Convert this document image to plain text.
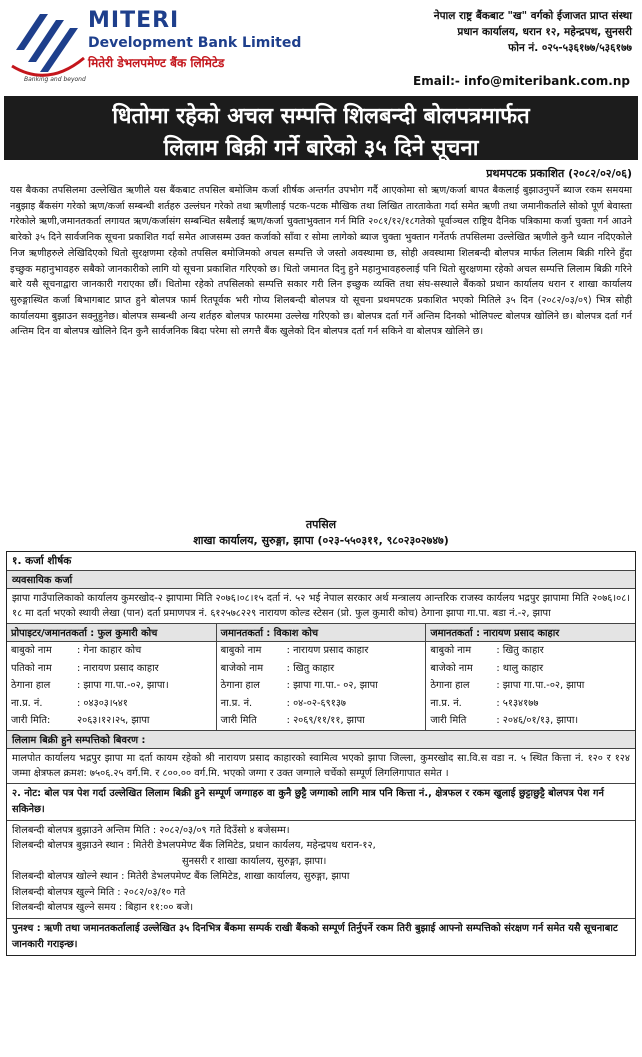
Banking and beyond
MITERI
Development Bank Limited
मितेरी डेभलपमेण्ट बैंक लिमिटेड
नेपाल राष्ट्र बैंकबाट "ख" वर्गको ईजाजत प्राप्त संस्था
प्रधान कार्यालय, धरान १२, महेन्द्रपथ, सुनसरी
फोन नं. ०२५-५३६१७७/५३६१७७
Email:- info@miteribank.com.np
धितोमा रहेको अचल सम्पत्ति शिलबन्दी बोलपत्रमार्फत
लिलाम बिक्री गर्ने बारेको ३५ दिने सूचना
प्रथमपटक प्रकाशित (२०८२/०२/०६)
यस बैकका तपसिलमा उल्लेखित ऋणीले यस बैंकबाट तपसिल बमोजिम कर्जा शीर्षक अन्तर्गत उपभोग गर्दै आएकोमा सो ऋण/कर्जा बापत बैकलाई बुझाउनुपर्ने ब्याज रकम समयमा नबुझाइ बैंकसंग गरेको ऋण/कर्जा सम्बन्धी शर्तहरु उल्लंघन गरेको तथा ऋणीलाई पटक-पटक मौखिक तथा लिखित तारताकेता गर्दा समेत ऋणी तथा जमानीकर्ताले सोको पूर्ण बेवास्ता गरेकोले ऋणी,जमानतकर्ता लगायत ऋण/कर्जासंग सम्बन्धित सबैलाई ऋण/कर्जा चुक्ताभुक्तान गर्न मिति २०८१/१२/१८गतेको पूर्वाञ्चल राष्ट्रिय दैनिक पत्रिकामा कर्जा चुक्ता गर्न आउने बारेको ३५ दिने सार्वजनिक सूचना प्रकाशित गर्दा समेत आजसम्म उक्त कर्जाको साँवा र सोमा लागेको ब्याज चुक्ता भुक्तान गर्नेतर्फ तपसिलमा उल्लेखित ऋणीले कुनै ध्यान नदिएकोले निज ऋणीहरुले लेखिदिएको धितो सुरक्षणमा रहेको तपसिल बमोजिमको अचल सम्पत्ति जे जस्तो अवस्थामा छ, सोही अवस्थामा शिलबन्दी बोलपत्र मार्फत लिलाम बिक्री गरिने हुँदा इच्छुक महानुभावहरु सबैको जानकारीको लागि यो सूचना प्रकाशित गरिएको छ। धितो जमानत दिनु हुने महानुभावहरुलाई पनि धितो सुरक्षणमा रहेको अचल सम्पत्ति लिलाम बिक्री गरिने बारे यसै सूचनाद्वारा जानकारी गराएका छौं। धितोमा रहेको तपसिलको सम्पत्ति सकार गरी लिन इच्छुक व्यक्ति तथा संघ-सस्थाले बैंकको प्रधान कार्यालय धरान र शाखा कार्यालय सुरुङ्गास्थित कर्जा बिभागबाट प्राप्त हुने बोलपत्र फार्म रितपूर्वक भरी गोप्य शिलबन्दी बोलपत्र यो सूचना प्रथमपटक प्रकाशित भएको मितिले ३५ दिन (२०८२/०३/०९) भित्र सोही कार्यालयमा बुझाउन सक्नुहुनेछ। बोलपत्र सम्बन्धी अन्य शर्तहरु बोलपत्र फारममा उल्लेख गरिएको छ। बोलपत्र दर्ता गर्ने अन्तिम दिनको भोलिपल्ट बोलपत्र खोलिने छ। बोलपत्र दर्ता गर्न अन्तिम दिन वा बोलपत्र खोलिने दिन कुनै सार्वजनिक बिदा परेमा सो लगत्तै बैंक खुलेको दिन बोलपत्र दर्ता गर्न सकिने वा बोलपत्र खोलिने छ।
तपसिल
शाखा कार्यालय, सुरुङ्गा, झापा (०२३-५५०३११, ९८०२३०२७४७)
१. कर्जा शीर्षक
व्यवसायिक कर्जा
झापा गाउँपालिकाको कार्यालय कुमरखोद-२ झापामा मिति २०७६।०८।१५ दर्ता नं. ५२ भई नेपाल सरकार अर्थ मन्त्रालय आन्तरिक राजस्व कार्यलय भद्रपुर झापामा मिति २०७६।०८।१८ मा दर्ता भएको स्थायी लेखा (पान) दर्ता प्रमाणपत्र नं. ६१२५७८२२९ नारायण कोल्ड स्टेसन (प्रो. फुल कुमारी कोच) ठेगाना झापा गा.पा. बडा नं.-२, झापा
प्रोपाइटर/जमानतकर्ता : फुल कुमारी कोच
बाबुको नाम	: गेना काहार कोच
पतिको नाम	: नारायण प्रसाद काहार
ठेगाना हाल	: झापा गा.पा.-०२, झापा।
ना.प्र. नं.	: ०४३०३।५४१
जारी मिति:	२०६३।१२।२५, झापा
जमानतकर्ता : विकाश कोच
बाबुको नाम	: नारायण प्रसाद काहार
बाजेको नाम	: खितु काहार
ठेगाना हाल	: झापा गा.पा.- ०२, झापा
ना.प्र. नं.	: ०४-०२-६९१३७
जारी मिति	: २०६९/११/११, झापा
जमानतकर्ता : नारायण प्रसाद काहार
बाबुको नाम	: खितु काहार
बाजेको नाम	: थालु काहार
ठेगाना हाल	: झापा गा.पा.-०२, झापा
ना.प्र. नं.	: ५१३४१७७
जारी मिति	: २०४६/०१/१३, झापा।
लिलाम बिक्री हुने सम्पत्तिको बिवरण :
मालपोत कार्यालय भद्रपुर झापा मा दर्ता कायम रहेको श्री नारायण प्रसाद काहारको स्वामित्व भएको झापा जिल्ला, कुमरखोद सा.वि.स वडा न. ५ स्थित कित्ता नं. १२० र १२४ जम्मा क्षेत्रफल क्रमश: ७५०६.२५ वर्ग.मि. र ८००.०० वर्ग.मि. भएको जग्गा र उक्त जग्गाले चर्चेको सम्पूर्ण लिगलिगापात समेत ।
२. नोट: बोल पत्र पेश गर्दा उल्लेखित लिलाम बिक्री हुने सम्पूर्ण जग्गाहरु वा कुनै छुट्टै जग्गाको लागि मात्र पनि कित्ता नं., क्षेत्रफल र रकम खुलाई छुट्टाछुट्टै बोलपत्र पेश गर्न सकिनेछ।
शिलबन्दी बोलपत्र बुझाउने अन्तिम मिति : २०८२/०३/०९ गते दिउँसो ४ बजेसम्म।
शिलबन्दी बोलपत्र बुझाउने स्थान : मितेरी डेभलपमेण्ट बैंक लिमिटेड, प्रधान कार्यलय, महेन्द्रपथ धरान-१२,
सुनसरी र शाखा कार्यालय, सुरुङ्गा, झापा।
शिलबन्दी बोलपत्र खोल्ने स्थान : मितेरी डेभलपमेण्ट बैंक लिमिटेड, शाखा कार्यालय, सुरुङ्गा, झापा
शिलबन्दी बोलपत्र खुल्ने मिति : २०८२/०३/१० गते
शिलबन्दी बोलपत्र खुल्ने समय : बिहान ११:०० बजे।
पुनश्च : ऋणी तथा जमानतकर्तालाई उल्लेखित ३५ दिनभित्र बैंकमा सम्पर्क राखी बैंकको सम्पूर्ण तिर्नुपर्ने रकम तिरी बुझाई आफ्नो सम्पत्तिको संरक्षण गर्न समेत यसै सूचनाबाट जानकारी गराइन्छ।
